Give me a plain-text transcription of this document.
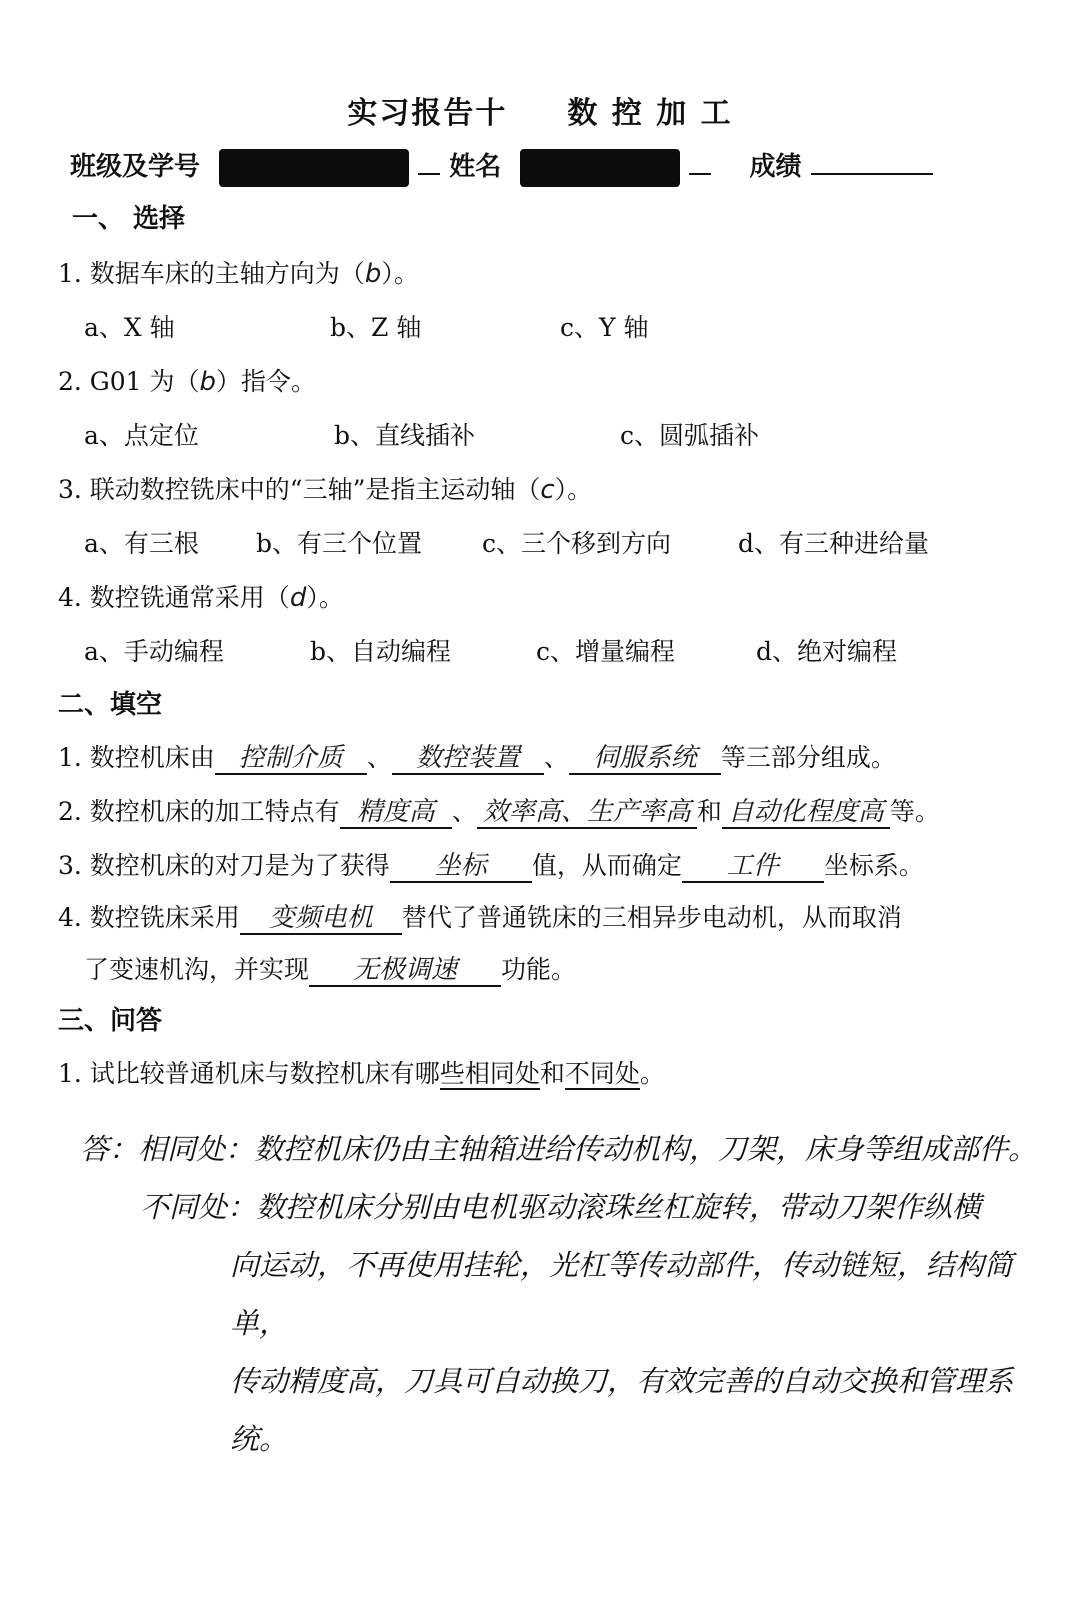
实习报告十 数 控 加 工
班级及学号	姓名	成绩
一、 选择
1. 数据车床的主轴方向为（b）。
a、X 轴	b、Z 轴	c、Y 轴
2. G01 为（b）指令。
a、点定位	b、直线插补	c、圆弧插补
3. 联动数控铣床中的“三轴”是指主运动轴（c）。
a、有三根 b、有三个位置 c、三个移到方向	d、有三种进给量
4. 数控铣通常采用（d）。
a、手动编程	b、自动编程	c、增量编程	d、绝对编程
二、填空
1. 数控机床由 控制介质 、 数控装置 、 伺服系统 等三部分组成。
2. 数控机床的加工特点有 精度高 、 效率高、生产率高 和 自动化程度高 等。
3. 数控机床的对刀是为了获得 坐标 值，从而确定 工件 坐标系。
4. 数控铣床采用 变频电机 替代了普通铣床的三相异步电动机，从而取消
了变速机沟，并实现 无极调速 功能。
三、问答
1. 试比较普通机床与数控机床有哪些相同处和不同处。
答：相同处：数控机床仍由主轴箱进给传动机构，刀架，床身等组成部件。
不同处：数控机床分别由电机驱动滚珠丝杠旋转，带动刀架作纵横
向运动，不再使用挂轮，光杠等传动部件，传动链短，结构简单，
传动精度高，刀具可自动换刀，有效完善的自动交换和管理系统。
